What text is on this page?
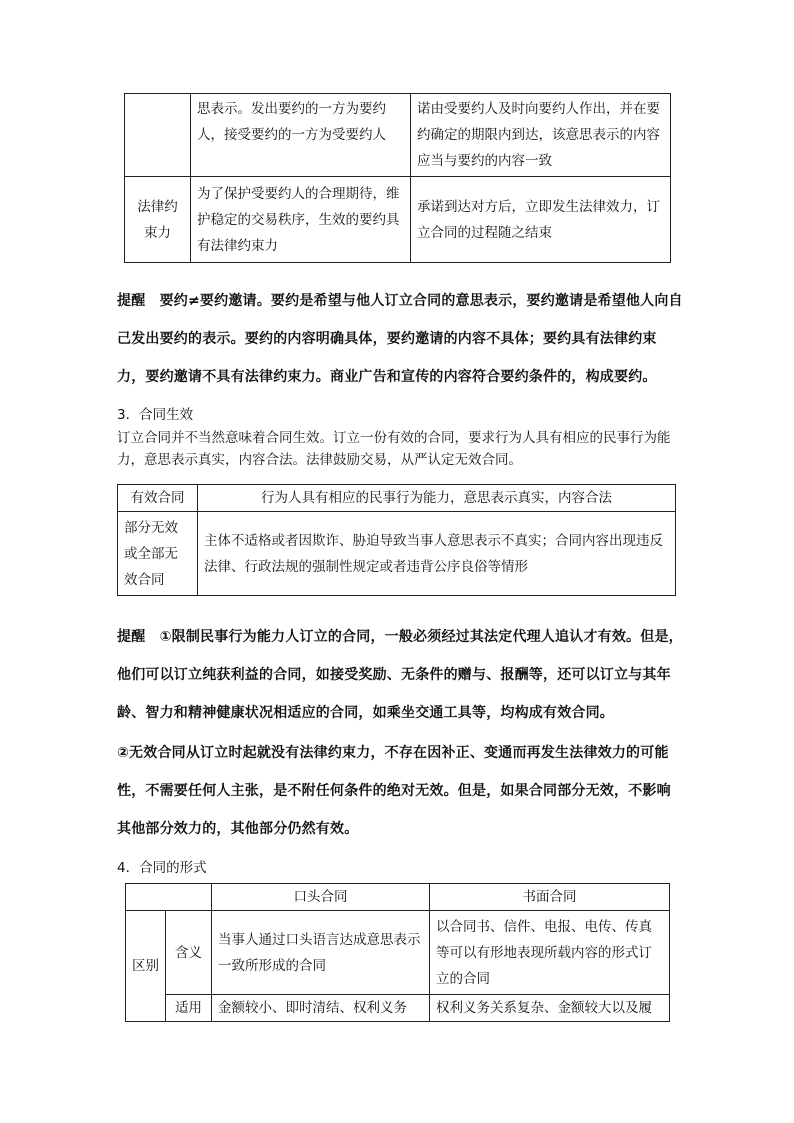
	思表示。发出要约的一方为要约人，接受要约的一方为受要约人	诺由受要约人及时向要约人作出，并在要约确定的期限内到达，该意思表示的内容应当与要约的内容一致
法律约束力	为了保护受要约人的合理期待，维护稳定的交易秩序，生效的要约具有法律约束力	承诺到达对方后，立即发生法律效力，订立合同的过程随之结束

提醒　要约≠要约邀请。要约是希望与他人订立合同的意思表示，要约邀请是希望他人向自己发出要约的表示。要约的内容明确具体，要约邀请的内容不具体；要约具有法律约束力，要约邀请不具有法律约束力。商业广告和宣传的内容符合要约条件的，构成要约。

3．合同生效

订立合同并不当然意味着合同生效。订立一份有效的合同，要求行为人具有相应的民事行为能力，意思表示真实，内容合法。法律鼓励交易，从严认定无效合同。

有效合同	行为人具有相应的民事行为能力，意思表示真实，内容合法
部分无效或全部无效合同	主体不适格或者因欺诈、胁迫导致当事人意思表示不真实；合同内容出现违反法律、行政法规的强制性规定或者违背公序良俗等情形

提醒　①限制民事行为能力人订立的合同，一般必须经过其法定代理人追认才有效。但是，他们可以订立纯获利益的合同，如接受奖励、无条件的赠与、报酬等，还可以订立与其年龄、智力和精神健康状况相适应的合同，如乘坐交通工具等，均构成有效合同。

②无效合同从订立时起就没有法律约束力，不存在因补正、变通而再发生法律效力的可能性，不需要任何人主张，是不附任何条件的绝对无效。但是，如果合同部分无效，不影响其他部分效力的，其他部分仍然有效。

4．合同的形式

		口头合同	书面合同
区别	含义	当事人通过口头语言达成意思表示一致所形成的合同	以合同书、信件、电报、电传、传真等可以有形地表现所载内容的形式订立的合同
	适用	金额较小、即时清结、权利义务	权利义务关系复杂、金额较大以及履
